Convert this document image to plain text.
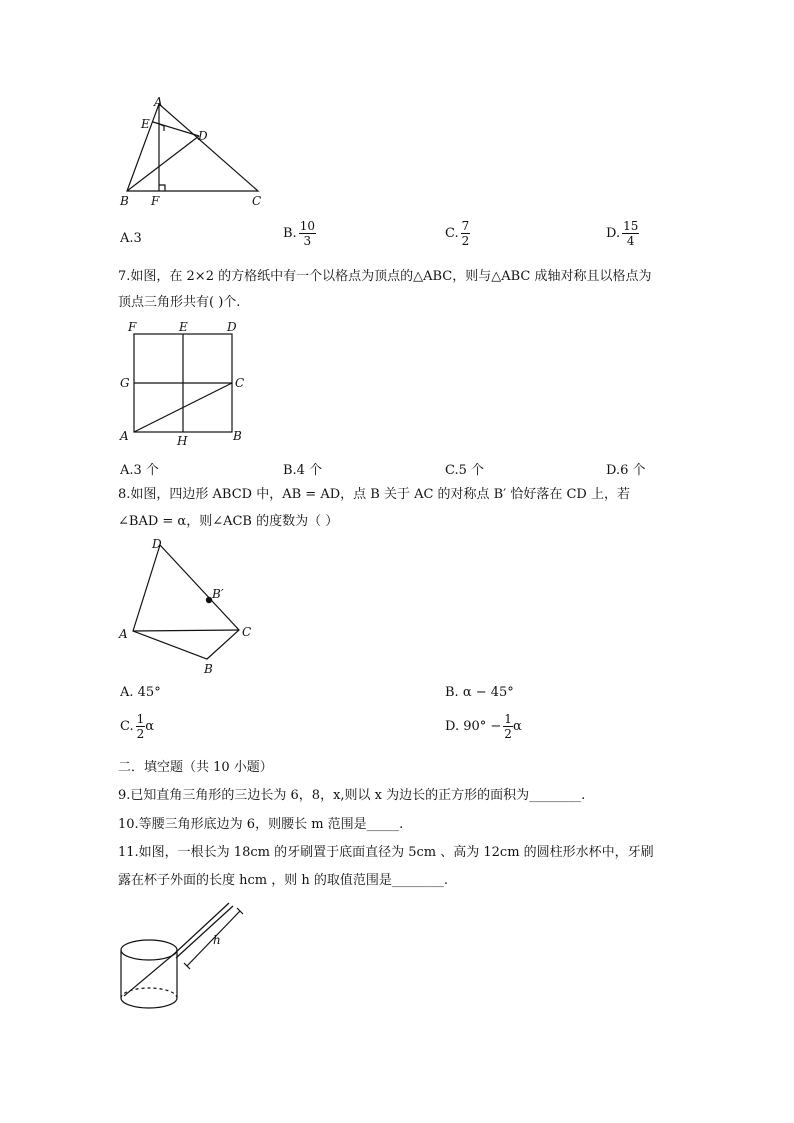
A
E
D
B F	C
A.3	B. $\frac{10}{3}$	C. $\frac{7}{2}$	D. $\frac{15}{4}$
7.如图，在 2×2 的方格纸中有一个以格点为顶点的△ABC，则与△ABC 成轴对称且以格点为
顶点三角形共有( )个.
F	E	D
G	C
A	H	B
A.3 个	B.4 个	C.5 个	D.6 个
8.如图，四边形 ABCD 中，AB = AD，点 B 关于 AC 的对称点 B′ 恰好落在 CD 上，若
∠BAD = α，则∠ACB 的度数为（ ）
D
B′
A	C
B
A. 45°	B. α − 45°
C. $\frac{1}{2}$ α	D. $90^\circ - \frac{1}{2}$ α
二．填空题（共 10 小题）
9.已知直角三角形的三边长为 6，8，x,则以 x 为边长的正方形的面积为________.
10.等腰三角形底边为 6，则腰长 m 范围是_____.
11.如图，一根长为 18cm 的牙刷置于底面直径为 5cm 、高为 12cm 的圆柱形水杯中，牙刷
露在杯子外面的长度 hcm ，则 h 的取值范围是________.
h
